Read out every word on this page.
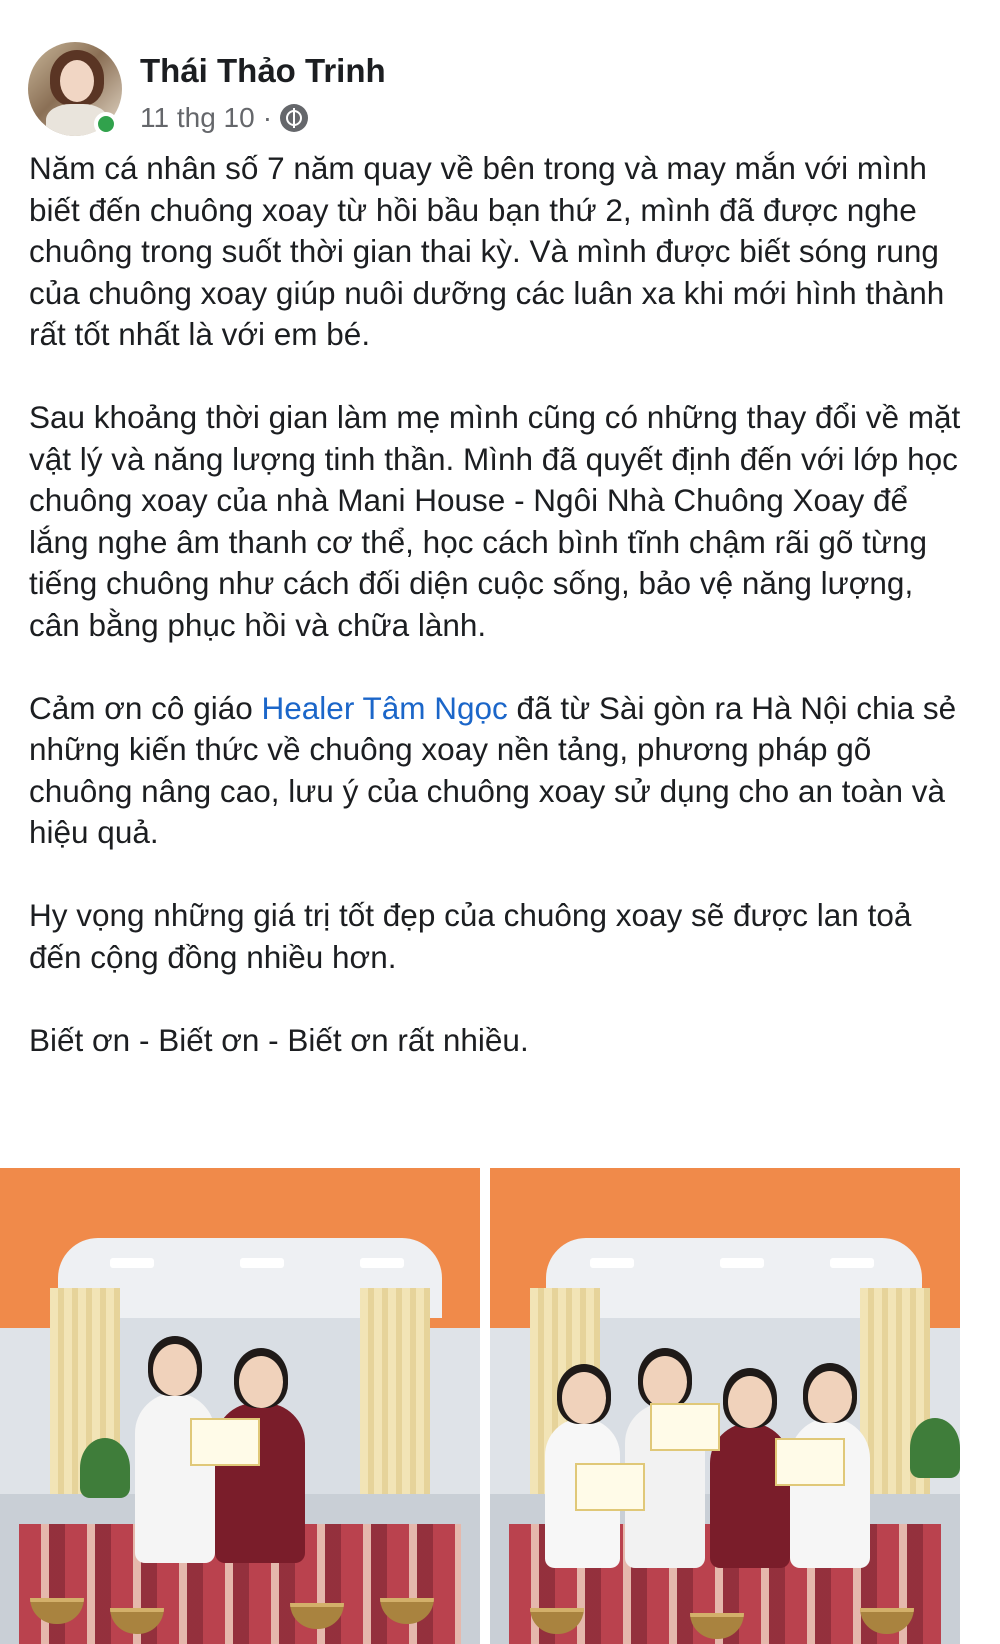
Thái Thảo Trinh
11 thg 10 ·

Năm cá nhân số 7 năm quay về bên trong và may mắn với mình biết đến chuông xoay từ hồi bầu bạn thứ 2, mình đã được nghe chuông trong suốt thời gian thai kỳ. Và mình được biết sóng rung của chuông xoay giúp nuôi dưỡng các luân xa khi mới hình thành rất tốt nhất là với em bé.

Sau khoảng thời gian làm mẹ mình cũng có những thay đổi về mặt vật lý và năng lượng tinh thần. Mình đã quyết định đến với lớp học chuông xoay của nhà Mani House - Ngôi Nhà Chuông Xoay để lắng nghe âm thanh cơ thể, học cách bình tĩnh chậm rãi gõ từng tiếng chuông như cách đối diện cuộc sống, bảo vệ năng lượng, cân bằng phục hồi và chữa lành.

Cảm ơn cô giáo Healer Tâm Ngọc đã từ Sài gòn ra Hà Nội chia sẻ những kiến thức về chuông xoay nền tảng, phương pháp gõ chuông nâng cao, lưu ý của chuông xoay sử dụng cho an toàn và hiệu quả.

Hy vọng những giá trị tốt đẹp của chuông xoay sẽ được lan toả đến cộng đồng nhiều hơn.

Biết ơn - Biết ơn - Biết ơn rất nhiều.
